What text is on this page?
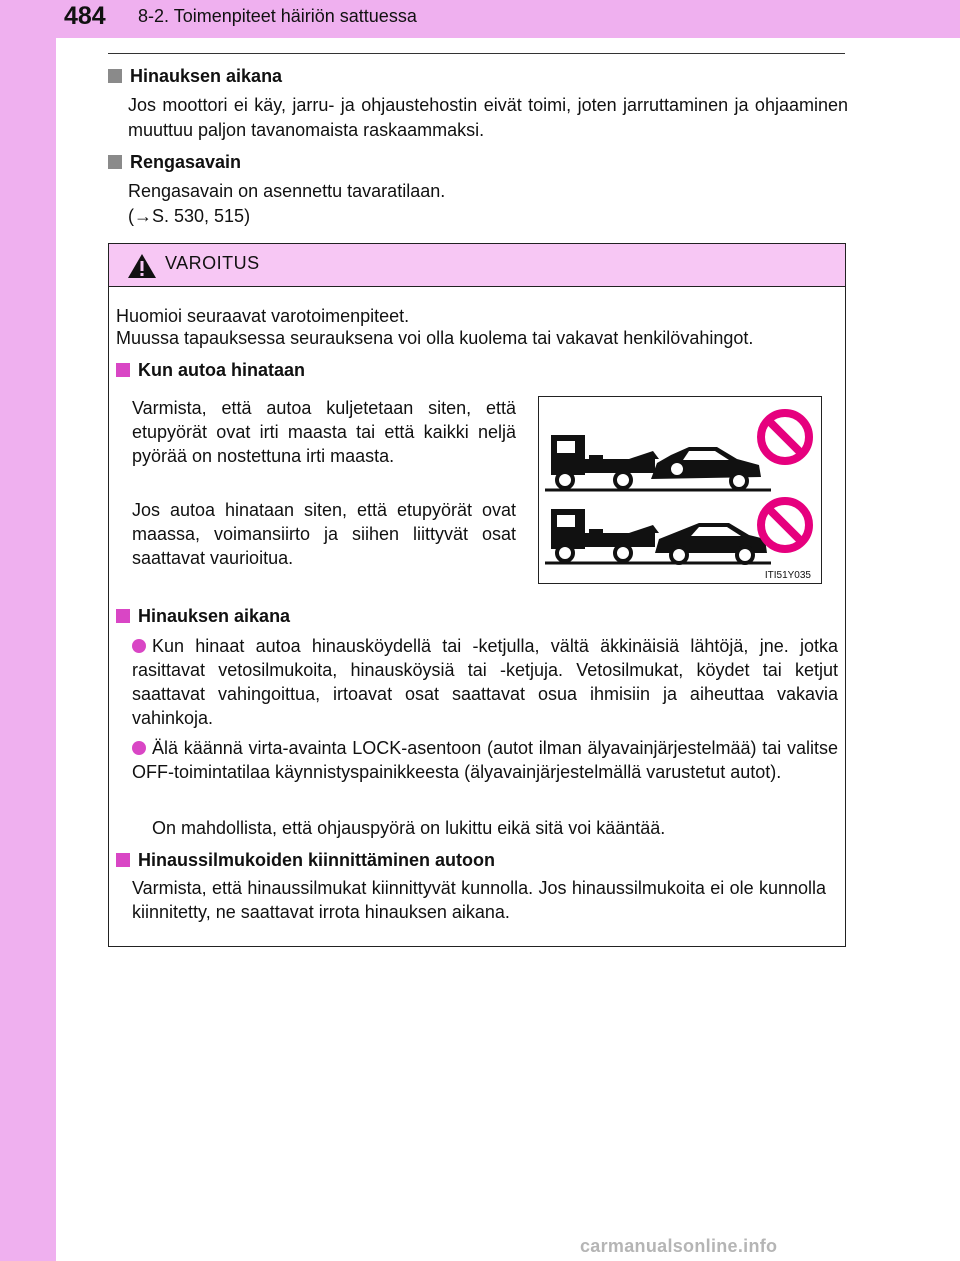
484 8-2. Toimenpiteet häiriön sattuessa
Hinauksen aikana
Jos moottori ei käy, jarru- ja ohjaustehostin eivät toimi, joten jarruttaminen ja ohjaaminen muuttuu paljon tavanomaista raskaammaksi.
Rengasavain
Rengasavain on asennettu tavaratilaan.
(→S. 530, 515)
VAROITUS
Huomioi seuraavat varotoimenpiteet.
Muussa tapauksessa seurauksena voi olla kuolema tai vakavat henkilövahingot.
Kun autoa hinataan
Varmista, että autoa kuljetetaan siten, että etupyörät ovat irti maasta tai että kaikki neljä pyörää on nostettuna irti maasta.
Jos autoa hinataan siten, että etupyörät ovat maassa, voimansiirto ja siihen liittyvät osat saattavat vaurioitua.
ITI51Y035
Hinauksen aikana
Kun hinaat autoa hinausköydellä tai -ketjulla, vältä äkkinäisiä lähtöjä, jne. jotka rasittavat vetosilmukoita, hinausköysiä tai -ketjuja. Vetosilmukat, köydet tai ketjut saattavat vahingoittua, irtoavat osat saattavat osua ihmisiin ja aiheuttaa vakavia vahinkoja.
Älä käännä virta-avainta LOCK-asentoon (autot ilman älyavainjärjestelmää) tai valitse OFF-toimintatilaa käynnistyspainikkeesta (älyavainjärjestelmällä varustetut autot).
On mahdollista, että ohjauspyörä on lukittu eikä sitä voi kääntää.
Hinaussilmukoiden kiinnittäminen autoon
Varmista, että hinaussilmukat kiinnittyvät kunnolla. Jos hinaussilmukoita ei ole kunnolla kiinnitetty, ne saattavat irrota hinauksen aikana.
carmanualsonline.info
